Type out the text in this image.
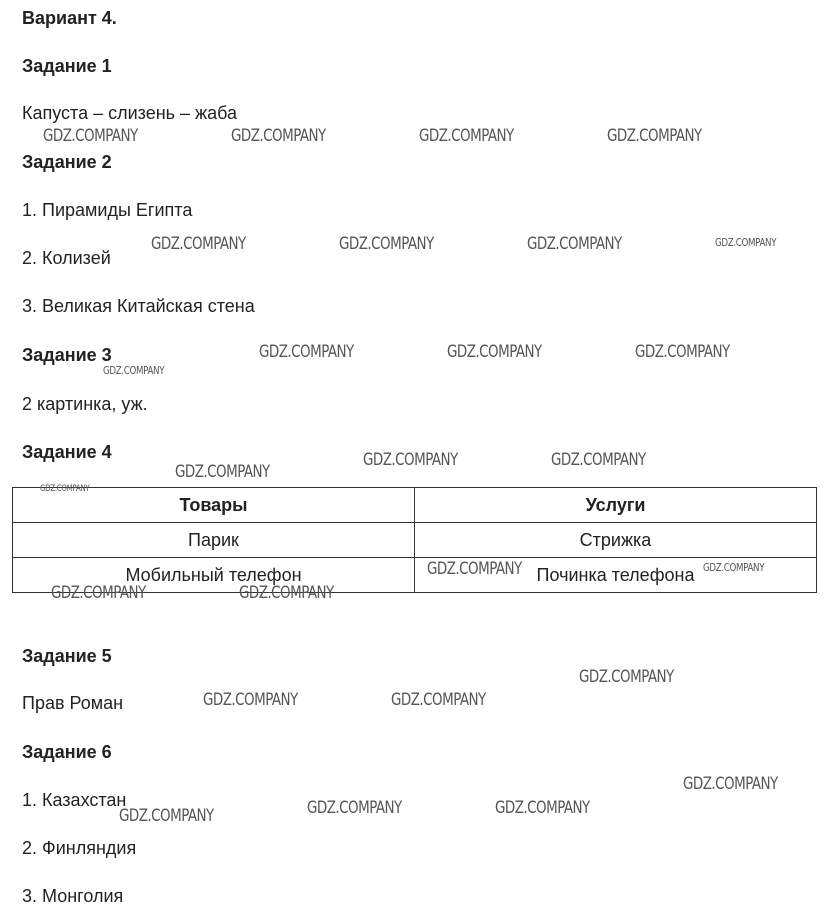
Вариант 4.
Задание 1
Капуста – слизень – жаба
Задание 2
1. Пирамиды Египта
2. Колизей
3. Великая Китайская стена
Задание 3
2 картинка, уж.
Задание 4
Товары	Услуги
Парик	Стрижка
Мобильный телефон	Починка телефона
Задание 5
Прав Роман
Задание 6
1. Казахстан
2. Финляндия
3. Монголия
GDZ.COMPANY	GDZ.COMPANY	GDZ.COMPANY	GDZ.COMPANY
GDZ.COMPANY	GDZ.COMPANY	GDZ.COMPANY	GDZ.COMPANY
GDZ.COMPANY	GDZ.COMPANY	GDZ.COMPANY
GDZ.COMPANY
GDZ.COMPANY
GDZ.COMPANY	GDZ.COMPANY
GDZ.COMPANY
GDZ.COMPANY	GDZ.COMPANY
GDZ.COMPANY	GDZ.COMPANY
GDZ.COMPANY
GDZ.COMPANY	GDZ.COMPANY
GDZ.COMPANY
GDZ.COMPANY	GDZ.COMPANY
GDZ.COMPANY
